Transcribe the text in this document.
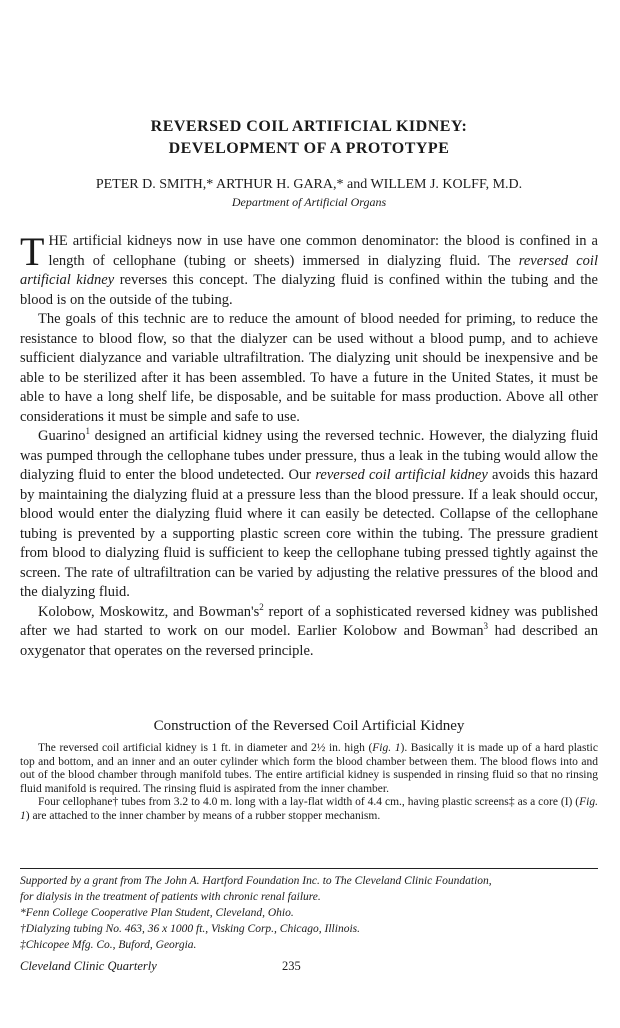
REVERSED COIL ARTIFICIAL KIDNEY:
DEVELOPMENT OF A PROTOTYPE
PETER D. SMITH,* ARTHUR H. GARA,* and WILLEM J. KOLFF, M.D.
Department of Artificial Organs

THE artificial kidneys now in use have one common denominator: the blood is confined in a length of cellophane (tubing or sheets) immersed in dialyzing fluid. The reversed coil artificial kidney reverses this concept. The dialyzing fluid is confined within the tubing and the blood is on the outside of the tubing.

The goals of this technic are to reduce the amount of blood needed for priming, to reduce the resistance to blood flow, so that the dialyzer can be used without a blood pump, and to achieve sufficient dialyzance and variable ultrafiltration. The dialyzing unit should be inexpensive and be able to be sterilized after it has been assembled. To have a future in the United States, it must be able to have a long shelf life, be disposable, and be suitable for mass production. Above all other considerations it must be simple and safe to use.

Guarino$^1$ designed an artificial kidney using the reversed technic. However, the dialyzing fluid was pumped through the cellophane tubes under pressure, thus a leak in the tubing would allow the dialyzing fluid to enter the blood undetected. Our reversed coil artificial kidney avoids this hazard by maintaining the dialyzing fluid at a pressure less than the blood pressure. If a leak should occur, blood would enter the dialyzing fluid where it can easily be detected. Collapse of the cellophane tubing is prevented by a supporting plastic screen core within the tubing. The pressure gradient from blood to dialyzing fluid is sufficient to keep the cellophane tubing pressed tightly against the screen. The rate of ultrafiltration can be varied by adjusting the relative pressures of the blood and the dialyzing fluid.

Kolobow, Moskowitz, and $Bowman's^2$ report of a sophisticated reversed kidney was published after we had started to work on our model. Earlier Kolobow and Bowman$^3$ had described an oxygenator that operates on the reversed principle.

Construction of the Reversed Coil Artificial Kidney

The reversed coil artificial kidney is 1 ft. in diameter and 2½ in. high (Fig. 1). Basically it is made up of a hard plastic top and bottom, and an inner and an outer cylinder which form the blood chamber between them. The blood flows into and out of the blood chamber through manifold tubes. The entire artificial kidney is suspended in rinsing fluid so that no rinsing fluid manifold is required. The rinsing fluid is aspirated from the inner chamber.

Four cellophane† tubes from 3.2 to 4.0 m. long with a lay-flat width of 4.4 cm., having plastic screens‡ as a core (I) (Fig. 1) are attached to the inner chamber by means of a rubber stopper mechanism.

Supported by a grant from The John A. Hartford Foundation Inc. to The Cleveland Clinic Foundation,
for dialysis in the treatment of patients with chronic renal failure.
*Fenn College Cooperative Plan Student, Cleveland, Ohio.
†Dialyzing tubing No. 463, 36 x 1000 ft., Visking Corp., Chicago, Illinois.
‡Chicopee Mfg. Co., Buford, Georgia.
Cleveland Clinic Quarterly	235
